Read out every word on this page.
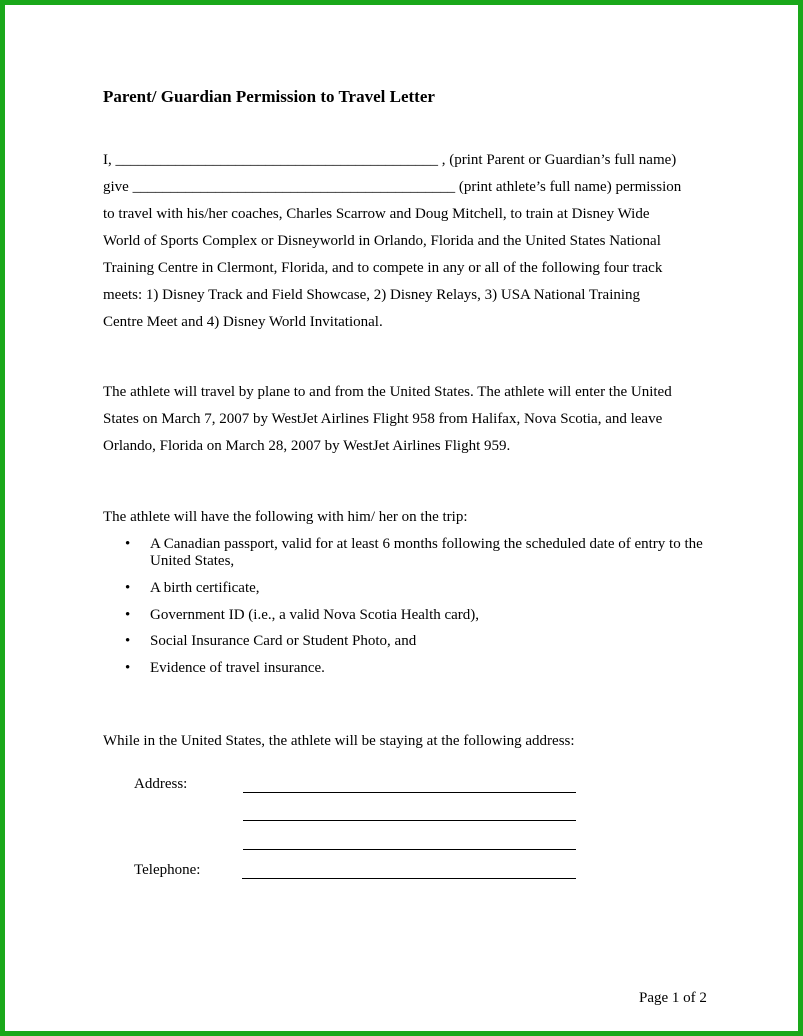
Parent/ Guardian Permission to Travel Letter
I, ___________________________________________ , (print Parent or Guardian’s full name)
give ___________________________________________ (print athlete’s full name) permission
to travel with his/her coaches, Charles Scarrow and Doug Mitchell, to train at Disney Wide
World of Sports Complex or Disneyworld in Orlando, Florida and the United States National
Training Centre in Clermont, Florida, and to compete in any or all of the following four track
meets: 1) Disney Track and Field Showcase, 2) Disney Relays, 3) USA National Training
Centre Meet and 4) Disney World Invitational.
The athlete will travel by plane to and from the United States. The athlete will enter the United
States on March 7, 2007 by WestJet Airlines Flight 958 from Halifax, Nova Scotia, and leave
Orlando, Florida on March 28, 2007 by WestJet Airlines Flight 959.
The athlete will have the following with him/ her on the trip:
• A Canadian passport, valid for at least 6 months following the scheduled date of entry to the United States,
• A birth certificate,
• Government ID (i.e., a valid Nova Scotia Health card),
• Social Insurance Card or Student Photo, and
• Evidence of travel insurance.
While in the United States, the athlete will be staying at the following address:
Address:
Telephone:
Page 1 of 2
